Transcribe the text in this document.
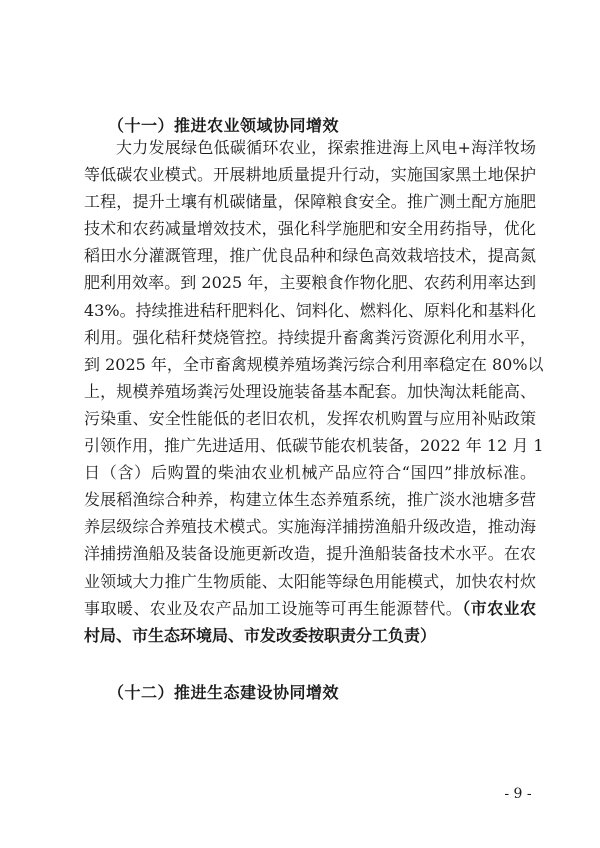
（十一）推进农业领域协同增效

大力发展绿色低碳循环农业，探索推进海上风电+海洋牧场
等低碳农业模式。开展耕地质量提升行动，实施国家黑土地保护
工程，提升土壤有机碳储量，保障粮食安全。推广测土配方施肥
技术和农药减量增效技术，强化科学施肥和安全用药指导，优化
稻田水分灌溉管理，推广优良品种和绿色高效栽培技术，提高氮
肥利用效率。到 2025 年，主要粮食作物化肥、农药利用率达到
43%。持续推进秸秆肥料化、饲料化、燃料化、原料化和基料化
利用。强化秸秆焚烧管控。持续提升畜禽粪污资源化利用水平，
到 2025 年，全市畜禽规模养殖场粪污综合利用率稳定在 80%以
上，规模养殖场粪污处理设施装备基本配套。加快淘汰耗能高、
污染重、安全性能低的老旧农机，发挥农机购置与应用补贴政策
引领作用，推广先进适用、低碳节能农机装备，2022 年 12 月 1
日（含）后购置的柴油农业机械产品应符合“国四”排放标准。
发展稻渔综合种养，构建立体生态养殖系统，推广淡水池塘多营
养层级综合养殖技术模式。实施海洋捕捞渔船升级改造，推动海
洋捕捞渔船及装备设施更新改造，提升渔船装备技术水平。在农
业领域大力推广生物质能、太阳能等绿色用能模式，加快农村炊
事取暖、农业及农产品加工设施等可再生能源替代。（市农业农
村局、市生态环境局、市发改委按职责分工负责）

（十二）推进生态建设协同增效

- 9 -
